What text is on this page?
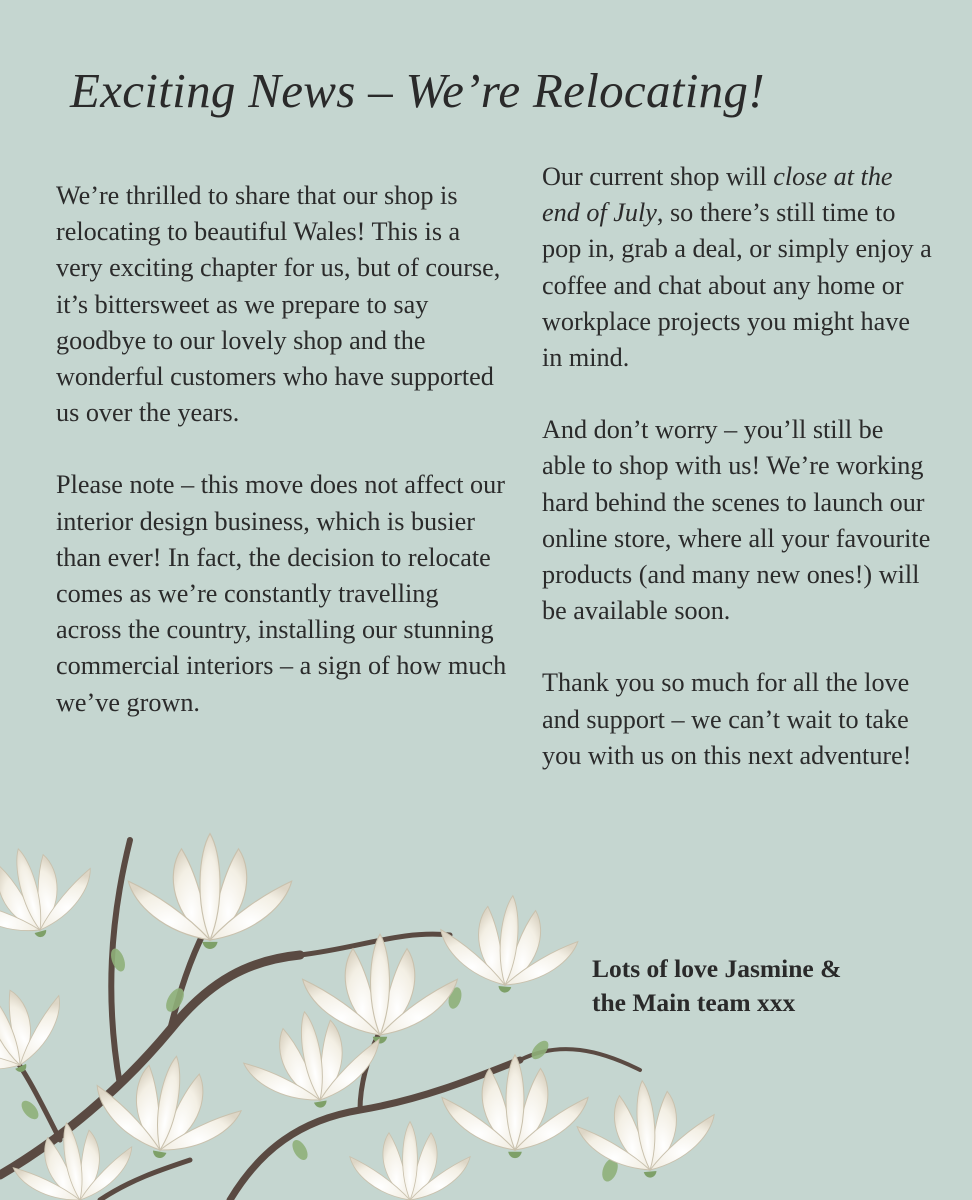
Exciting News – We’re Relocating!

We’re thrilled to share that our shop is relocating to beautiful Wales! This is a very exciting chapter for us, but of course, it’s bittersweet as we prepare to say goodbye to our lovely shop and the wonderful customers who have supported us over the years.

Please note – this move does not affect our interior design business, which is busier than ever! In fact, the decision to relocate comes as we’re constantly travelling across the country, installing our stunning commercial interiors – a sign of how much we’ve grown.

Our current shop will close at the end of July, so there’s still time to pop in, grab a deal, or simply enjoy a coffee and chat about any home or workplace projects you might have in mind.

And don’t worry – you’ll still be able to shop with us! We’re working hard behind the scenes to launch our online store, where all your favourite products (and many new ones!) will be available soon.

Thank you so much for all the love and support – we can’t wait to take you with us on this next adventure!

Lots of love Jasmine &
the Main team xxx
